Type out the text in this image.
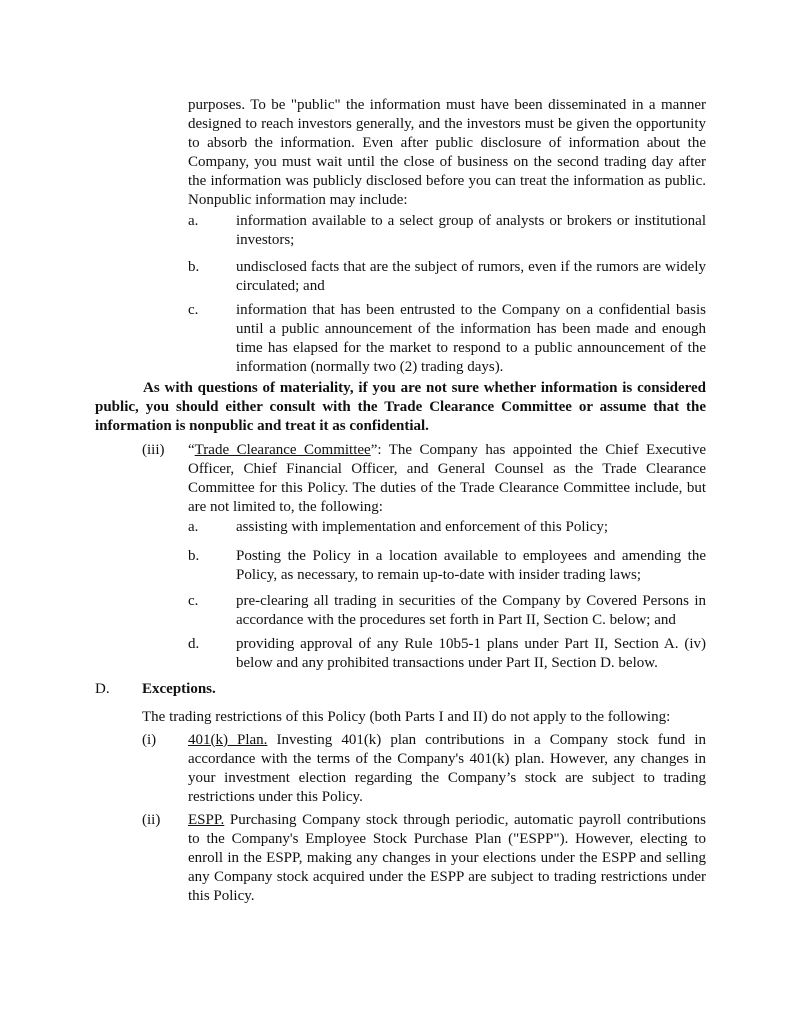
purposes. To be "public" the information must have been disseminated in a manner designed to reach investors generally, and the investors must be given the opportunity to absorb the information. Even after public disclosure of information about the Company, you must wait until the close of business on the second trading day after the information was publicly disclosed before you can treat the information as public. Nonpublic information may include:

a.	information available to a select group of analysts or brokers or institutional investors;

b. undisclosed facts that are the subject of rumors, even if the rumors are widely circulated; and

c.	information that has been entrusted to the Company on a confidential basis until a public announcement of the information has been made and enough time has elapsed for the market to respond to a public announcement of the information (normally two (2) trading days).

As with questions of materiality, if you are not sure whether information is considered public, you should either consult with the Trade Clearance Committee or assume that the information is nonpublic and treat it as confidential.

(iii) “Trade Clearance Committee”: The Company has appointed the Chief Executive Officer, Chief Financial Officer, and General Counsel as the Trade Clearance Committee for this Policy. The duties of the Trade Clearance Committee include, but are not limited to, the following:

a.	assisting with implementation and enforcement of this Policy;

b. Posting the Policy in a location available to employees and amending the Policy, as necessary, to remain up-to-date with insider trading laws;

c.	pre-clearing all trading in securities of the Company by Covered Persons in accordance with the procedures set forth in Part II, Section C. below; and

d. providing approval of any Rule 10b5-1 plans under Part II, Section A. (iv) below and any prohibited transactions under Part II, Section D. below.

D. Exceptions.

The trading restrictions of this Policy (both Parts I and II) do not apply to the following:

(i) 401(k) Plan. Investing 401(k) plan contributions in a Company stock fund in accordance with the terms of the Company's 401(k) plan. However, any changes in your investment election regarding the Company’s stock are subject to trading restrictions under this Policy.

(ii) ESPP. Purchasing Company stock through periodic, automatic payroll contributions to the Company's Employee Stock Purchase Plan ("ESPP"). However, electing to enroll in the ESPP, making any changes in your elections under the ESPP and selling any Company stock acquired under the ESPP are subject to trading restrictions under this Policy.
